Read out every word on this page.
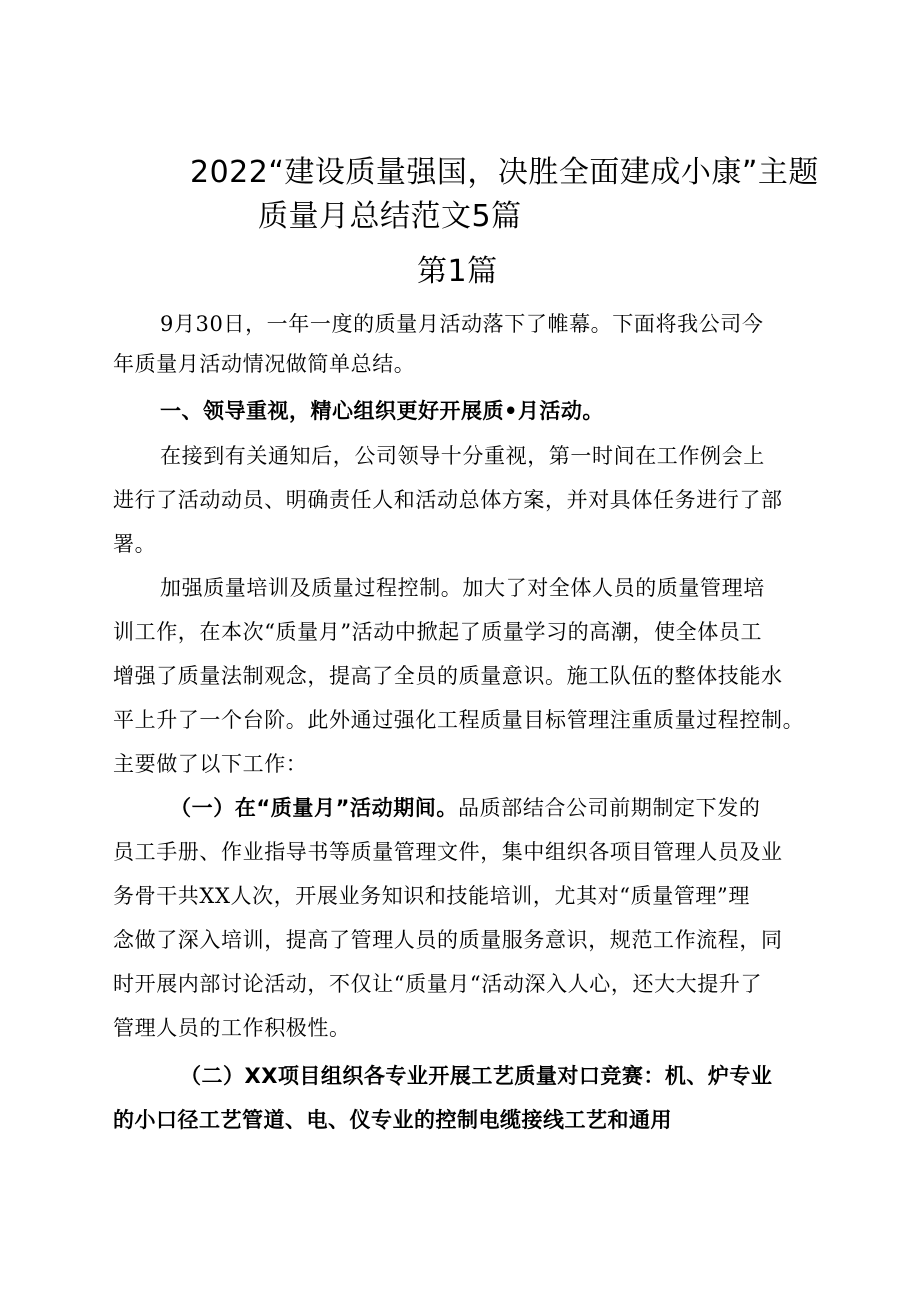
2022“建设质量强国，决胜全面建成小康”主题
质量月总结范文5篇
第1篇
9月30日，一年一度的质量月活动落下了帷幕。下面将我公司今
年质量月活动情况做简单总结。
一、领导重视，精心组织更好开展质•月活动。
在接到有关通知后，公司领导十分重视，第一时间在工作例会上
进行了活动动员、明确责任人和活动总体方案，并对具体任务进行了部
署。
加强质量培训及质量过程控制。加大了对全体人员的质量管理培
训工作，在本次“质量月”活动中掀起了质量学习的高潮，使全体员工
增强了质量法制观念，提高了全员的质量意识。施工队伍的整体技能水
平上升了一个台阶。此外通过强化工程质量目标管理注重质量过程控制。
主要做了以下工作：
（一）在“质量月”活动期间。品质部结合公司前期制定下发的
员工手册、作业指导书等质量管理文件，集中组织各项目管理人员及业
务骨干共XX人次，开展业务知识和技能培训，尤其对“质量管理”理
念做了深入培训，提高了管理人员的质量服务意识，规范工作流程，同
时开展内部讨论活动，不仅让“质量月“活动深入人心，还大大提升了
管理人员的工作积极性。
（二）XX项目组织各专业开展工艺质量对口竞赛：机、炉专业
的小口径工艺管道、电、仪专业的控制电缆接线工艺和通用
